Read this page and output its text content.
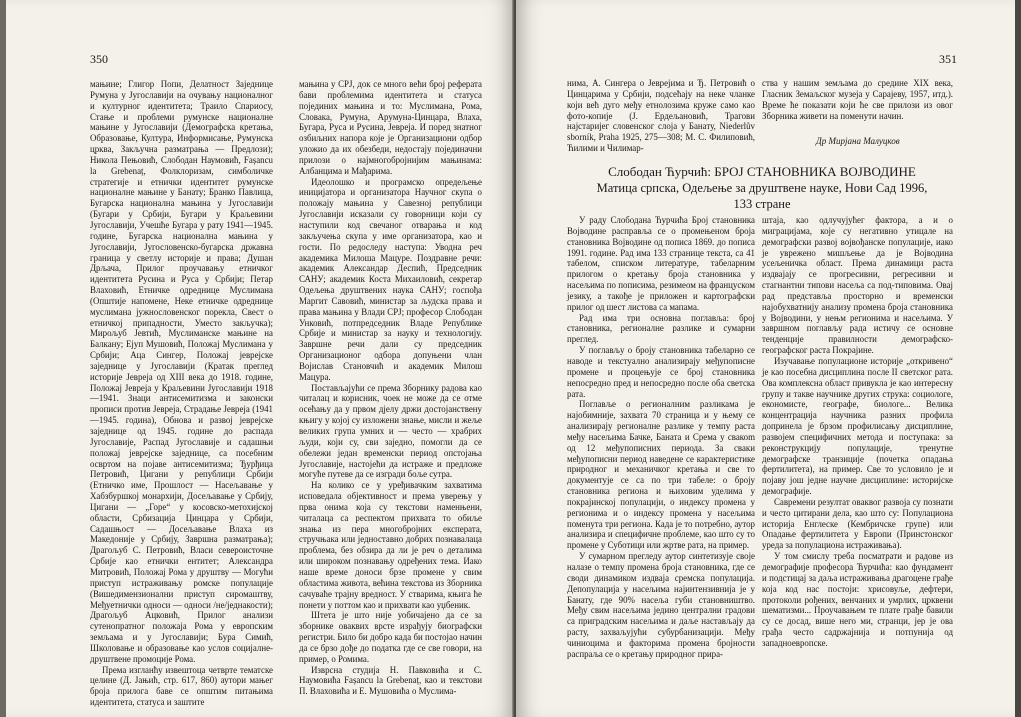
350

мањине; Глигор Попи, Делатност Заједнице Румуна у Југославији на очувању националног и културног идентитета; Траило Спариосу, Стање и проблеми румунске националне мањине у Југославији (Демографска кретања, Образовање, Култура, Информисање, Румунска црква, Закључна разматрања — Предлози); Никола Пењовић, Слободан Наумовић, Fașancu la Grebenaț, Фолклоризам, симболичке стратегије и етнички идентитет румунске националне мањине у Банату; Бранко Павлица, Бугарска национална мањина у Југославији (Бугари у Србији, Бугари у Краљевини Југославији, Учешће Бугара у рату 1941—1945. године, Бугарска национална мањина у Југославији, Југословенско-бугарска државна граница у светлу историје и права; Душан Дрљача, Прилог проучавању етничког идентитета Русина и Руса у Србији; Петар Влаховић, Етничке одреднице Муслимана (Општије напомене, Неке етничке одреднице муслимана јужнословенског порекла, Свест о етничкој припадности, Уместо закључка); Мирољуб Јевтић, Муслиманске мањине на Балкану; Ејуп Мушовић, Положај Муслимана у Србији; Аца Сингер, Положај јеврејске заједнице у Југославији (Кратак преглед историје Јевреја од XIII века до 1918. године, Положај Јевреја у Краљевини Југославији 1918—1941. Знаци антисемитизма и законски прописи против Јевреја, Страдање Јевреја (1941—1945. година), Обнова и развој јеврејске заједнице од 1945. године до распада Југославије, Распад Југославије и садашњи положај јеврејске заједнице, са посебним освртом на појаве антисемитизма; Ђурђица Петровић, Цигани у републици Србији (Етничко име, Прошлост — Насељавање у Хабзбуршкој монархији, Досељавање у Србију, Цигани — „Горе“ у косовско-метохијској области, Србизација Цинцара у Србији, Садашњост — Досељавање Влаха из Македоније у Србију, Завршна разматрања); Драгољуб С. Петровић, Власи североисточне Србије као етнички ентитет; Александра Митровић, Положај Рома у друштву — Могући приступ истраживању ромске популације (Вишедимензионални приступ сиромаштву, Међуетнички односи — односи /не/једнакости); Драгољуб Ацковић, Прилог анализи сутенопратног положаја Рома у европским земљама и у Југославији; Бура Симић, Школовање и образовање као услов социјалне-друштвене промоције Рома.

Према изгланћу извештоца четврте тематске целине (Д. Јањић, стр. 617, 860) аутори мањег броја прилога баве се општим питањима идентитета, статуса и заштите

мањина у СРЈ, док се много већи број реферата бави проблемима идентитета и статуса појединих мањина и то: Муслимана, Рома, Словака, Румуна, Арумуна-Цинцара, Влаха, Бугара, Руса и Русина, Јевреја. И поред знатног озбиљних напора које је Организациони одбор уложио да их обезбеди, недостају појединачни прилози о најмногобројнијим мањинама: Албанцима и Мађарима.

Идеолошко и програмско опредељење иницијатора и организатора Научног скупа о положају мањина у Савезној републици Југославији исказали су говорници који су наступили код свечаног отварања и код закључења скупа у име организатора, као и гости. По редоследу наступа: Уводна реч академика Милоша Мацуре. Поздравне речи: академик Александар Деспић, Председник САНУ; академик Коста Михаиловић, секретар Одељења друштвених наука САНУ; госпођа Маргит Савовић, министар за људска права и права мањина у Влади СРЈ; професор Слободан Унковић, потпредседник Владе Републике Србије и министар за науку и технологију. Завршне речи дали су председник Организационог одбора допуњени члан Војислав Становчић и академик Милош Мацура.

Постављајући се према Зборнику радова као читалац и корисник, чоек не може да се отме осећању да у првом дјелу држи достојанствену књигу у којој су изложени знање, мисли и жеље великих група умних и — често — храбрих људи, који су, сви заједно, помогли да се обележи један временски период опстојања Југославије, настојећи да истраже и предложе могуће путеве да се изгради боље сутра.

На колико се у уређивачким захватима исповедала објективност и према уверењу у прва онима која су текстови наменњени, читалаца са респектом прихвата то обиље знања из пера многобројних експерата, стручњака или једноставно добрих познавалаца проблема, без обзира да ли је реч о деталима или широком познавању одређених тема. Иако наше време доноси брзе промене у свим областима живота, већина текстова из Зборника сачуваће трајну вредност. У стварима, књига ће понети у поттом као и прихвати као уџбеник.

Штета је што није уобичајено да се за зборнике оваквих врсте израђују биографски регистри. Било би добро када би постојао начин да се брзо дође до податка где се све говори, на пример, о Ромима.

Изврсна студија Н. Павковића и С. Наумовића Fașancu la Grebenaț, као и текстови П. Влаховића и Е. Мушовића о Муслима-

351

нима, А. Сингера о Јеврејима и Ђ. Петровић о Цинцарима у Србији, подсећају на неке чланке који већ дуго међу етнолозима кружe само као фото-копије (Ј. Ердељановић, Трагови најстаријег словенског слоја у Банату, Niederlův sborník, Praha 1925, 275—308; М. С. Филиповић, Ћилими и Чилимар-

ства у нашим земљама до средине XIX века, Гласник Земаљског музеја у Сарајеву, 1957, итд.). Време ће показати који ће све прилози из овог Зборника живети на поменути начин.

Др Мирјана Малуцков
Слободан Ћурчић: БРОЈ СТАНОВНИКА ВОЈВОДИНЕ
Матица српска, Одељење за друштвене науке, Нови Сад 1996,
133 стране

У раду Слободана Ћурчића Број становника Војводине расправља се о промењеном броја становника Војводине од пописа 1869. до пописа 1991. године. Рад има 133 странице текста, са 41 табелом, списком литературе, табеларним прилогом о кретању броја становника у насељима по пописима, резимеом на француском језику, а такође је приложен и картографски прилог од шест листова са мапама.

Рад има три основна поглавља: број становника, регионалне разлике и сумарни преглед.

У поглављу о броју становника табеларно се наводе и текстуално анализирају међупописне промене и процењује се број становника непосредно пред и непосредно после оба светска рата.

Поглавље о регионалним разликама је најобимније, захвата 70 страница и у њему се анализирају регионалне разлике у темпу раста међу насељима Бачке, Баната и Срема у свакоm од 12 међупописних периода. За сваки међупописни период наведене се карактеристике природног и механичког кретања и све то документује се са по три табеле: о броју становника региона и њиховим уделима у покрајинској популацији, о индексу промена у регионима и о индексу промена у насељима поменута три региона. Када је то потребно, аутор анализира и специфичне проблеме, као што су то промене у Суботици или жртве рата, на пример.

У сумарном прегледу аутор синтетизује своје налазе о темпу промена броја становника, где се своди динамиком издвајa сремска популација. Депопулација у насељима најинтензивнија је у Банату, где 90% насеља губи становништво. Међу свим насељима једино централни градови са приградским насељима и даље настављају да расту, захваљујући субурбанизацији. Међу чиниоцима и факторима промена бројности распраља се о кретању природног прира-

штаја, као одлучујућег фактора, а и о миграцијама, које су негативно утицале на демографски развој војвођанске популације, иако је уврежено мишљење да је Војводина усељеничка област. Према динамици раста издвајају се прогресивни, регресивни и стагнантни типови насеља са под-типовима. Овај рад представља просторно и временски најобухватнију анализу промена броја становника у Војводини, у нењм регионима и насељима. У завршном поглављу рада истичу се основне тенденције правилности демографско-географског раста Покрајине.

Изучавање популационе историје „откривено“ је као посебна дисциплина после II светског рата. Ова комплексна област привукла је као интересну групу и такве научнике других струка: социологе, економисте, географе, биологе... Велика концентрација научника разних профила допринела је брзом профилисању дисциплине, развојем специфичних метода и поступака: за реконструкцију популације, тренутне демографске транзиције (почетка опадања фертилитета), на пример. Све то условило је и појаву још једне научне дисциплине: историјске демографије.

Савремени резултат оваквог развоја су познати и често цитирани дела, као што су: Популациона историја Енглеске (Кембричске групе) или Опадање фертилитета у Европи (Принстонског уреда за популациона истраживања).

У том смислу треба посматрати и радове из демографије професора Ћурчића: као фундамент и подстицај за даља истраживања драгоцене грађе која код нас постоји: хрисовуље, дефтери, протоколи рођених, венчаних и умрлих, црквени шематизми... Проучавањем те плате грађе бавили су се досад, више него ми, странци, јер је ова грађа често садржајнија и потпунија од западноевропске.
